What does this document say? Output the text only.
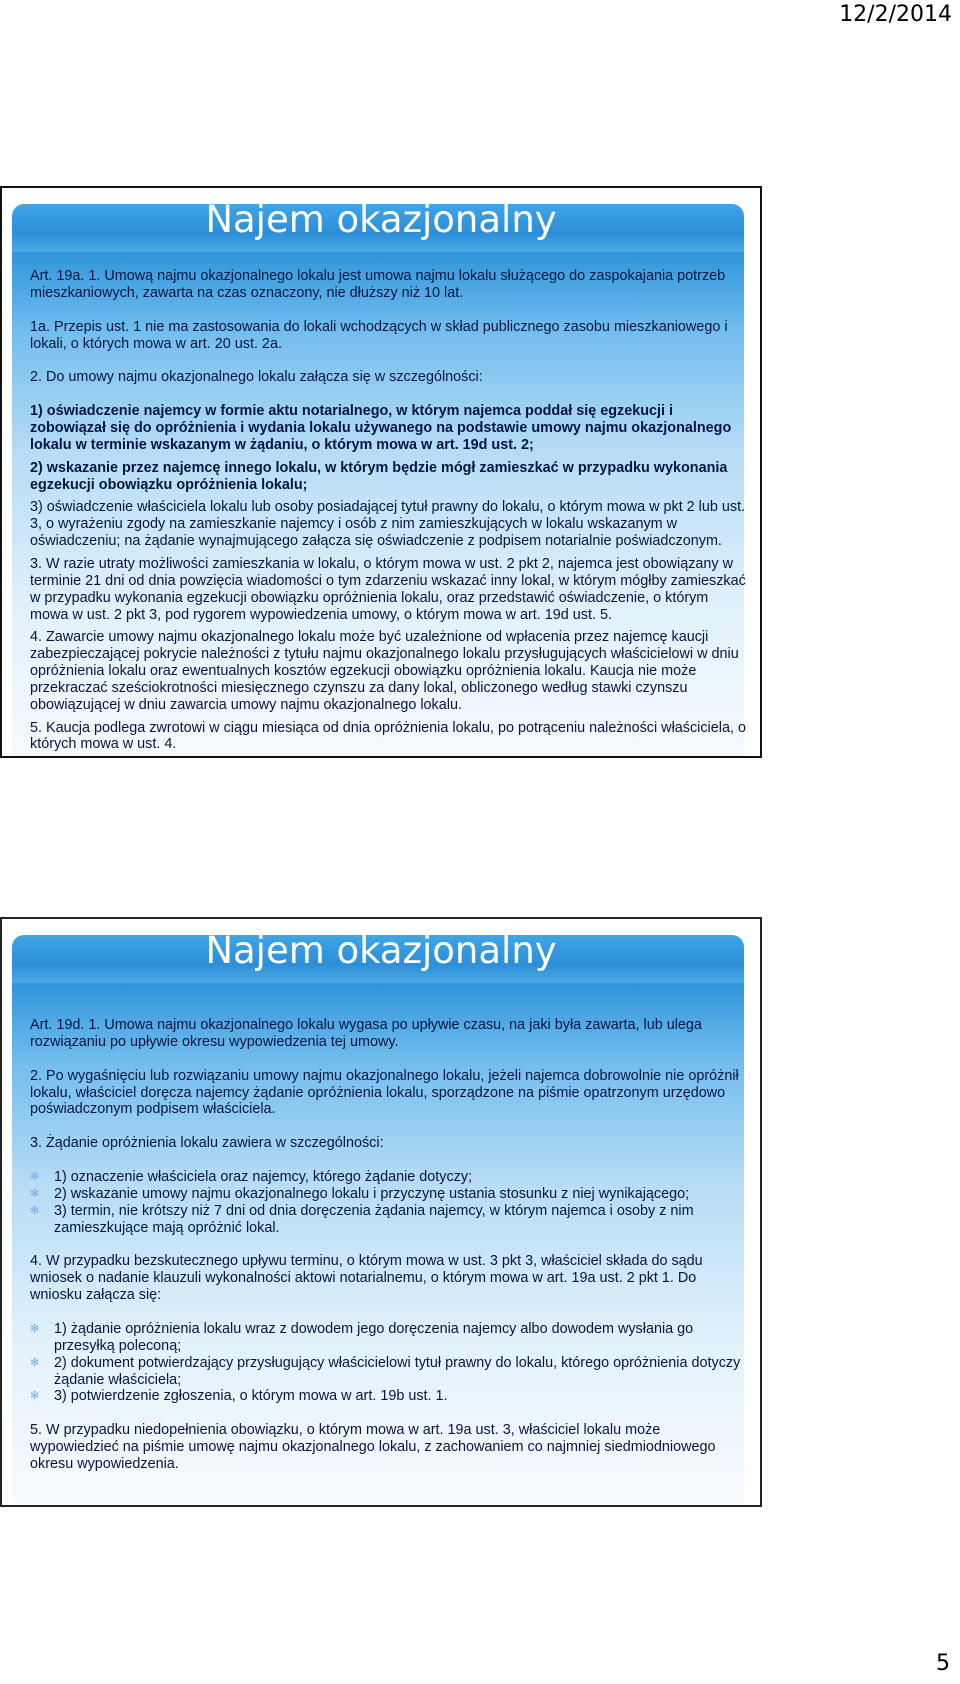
12/2/2014
Najem okazjonalny

Art. 19a. 1. Umową najmu okazjonalnego lokalu jest umowa najmu lokalu służącego do zaspokajania potrzeb mieszkaniowych, zawarta na czas oznaczony, nie dłuższy niż 10 lat.

1a. Przepis ust. 1 nie ma zastosowania do lokali wchodzących w skład publicznego zasobu mieszkaniowego i lokali, o których mowa w art. 20 ust. 2a.

2. Do umowy najmu okazjonalnego lokalu załącza się w szczególności:

1) oświadczenie najemcy w formie aktu notarialnego, w którym najemca poddał się egzekucji i zobowiązał się do opróżnienia i wydania lokalu używanego na podstawie umowy najmu okazjonalnego lokalu w terminie wskazanym w żądaniu, o którym mowa w art. 19d ust. 2;

2) wskazanie przez najemcę innego lokalu, w którym będzie mógł zamieszkać w przypadku wykonania egzekucji obowiązku opróżnienia lokalu;

3) oświadczenie właściciela lokalu lub osoby posiadającej tytuł prawny do lokalu, o którym mowa w pkt 2 lub ust. 3, o wyrażeniu zgody na zamieszkanie najemcy i osób z nim zamieszkujących w lokalu wskazanym w oświadczeniu; na żądanie wynajmującego załącza się oświadczenie z podpisem notarialnie poświadczonym.

3. W razie utraty możliwości zamieszkania w lokalu, o którym mowa w ust. 2 pkt 2, najemca jest obowiązany w terminie 21 dni od dnia powzięcia wiadomości o tym zdarzeniu wskazać inny lokal, w którym mógłby zamieszkać w przypadku wykonania egzekucji obowiązku opróżnienia lokalu, oraz przedstawić oświadczenie, o którym mowa w ust. 2 pkt 3, pod rygorem wypowiedzenia umowy, o którym mowa w art. 19d ust. 5.

4. Zawarcie umowy najmu okazjonalnego lokalu może być uzależnione od wpłacenia przez najemcę kaucji zabezpieczającej pokrycie należności z tytułu najmu okazjonalnego lokalu przysługujących właścicielowi w dniu opróżnienia lokalu oraz ewentualnych kosztów egzekucji obowiązku opróżnienia lokalu. Kaucja nie może przekraczać sześciokrotności miesięcznego czynszu za dany lokal, obliczonego według stawki czynszu obowiązującej w dniu zawarcia umowy najmu okazjonalnego lokalu.

5. Kaucja podlega zwrotowi w ciągu miesiąca od dnia opróżnienia lokalu, po potrąceniu należności właściciela, o których mowa w ust. 4.

Najem okazjonalny

Art. 19d. 1. Umowa najmu okazjonalnego lokalu wygasa po upływie czasu, na jaki była zawarta, lub ulega rozwiązaniu po upływie okresu wypowiedzenia tej umowy.

2. Po wygaśnięciu lub rozwiązaniu umowy najmu okazjonalnego lokalu, jeżeli najemca dobrowolnie nie opróżnił lokalu, właściciel doręcza najemcy żądanie opróżnienia lokalu, sporządzone na piśmie opatrzonym urzędowo poświadczonym podpisem właściciela.

3. Żądanie opróżnienia lokalu zawiera w szczególności:

✻	1) oznaczenie właściciela oraz najemcy, którego żądanie dotyczy;
✻	2) wskazanie umowy najmu okazjonalnego lokalu i przyczynę ustania stosunku z niej wynikającego;
✻	3) termin, nie krótszy niż 7 dni od dnia doręczenia żądania najemcy, w którym najemca i osoby z nim zamieszkujące mają opróżnić lokal.

4. W przypadku bezskutecznego upływu terminu, o którym mowa w ust. 3 pkt 3, właściciel składa do sądu wniosek o nadanie klauzuli wykonalności aktowi notarialnemu, o którym mowa w art. 19a ust. 2 pkt 1. Do wniosku załącza się:

✻	1) żądanie opróżnienia lokalu wraz z dowodem jego doręczenia najemcy albo dowodem wysłania go przesyłką poleconą;
✻	2) dokument potwierdzający przysługujący właścicielowi tytuł prawny do lokalu, którego opróżnienia dotyczy żądanie właściciela;
✻	3) potwierdzenie zgłoszenia, o którym mowa w art. 19b ust. 1.

5. W przypadku niedopełnienia obowiązku, o którym mowa w art. 19a ust. 3, właściciel lokalu może wypowiedzieć na piśmie umowę najmu okazjonalnego lokalu, z zachowaniem co najmniej siedmiodniowego okresu wypowiedzenia.

5
